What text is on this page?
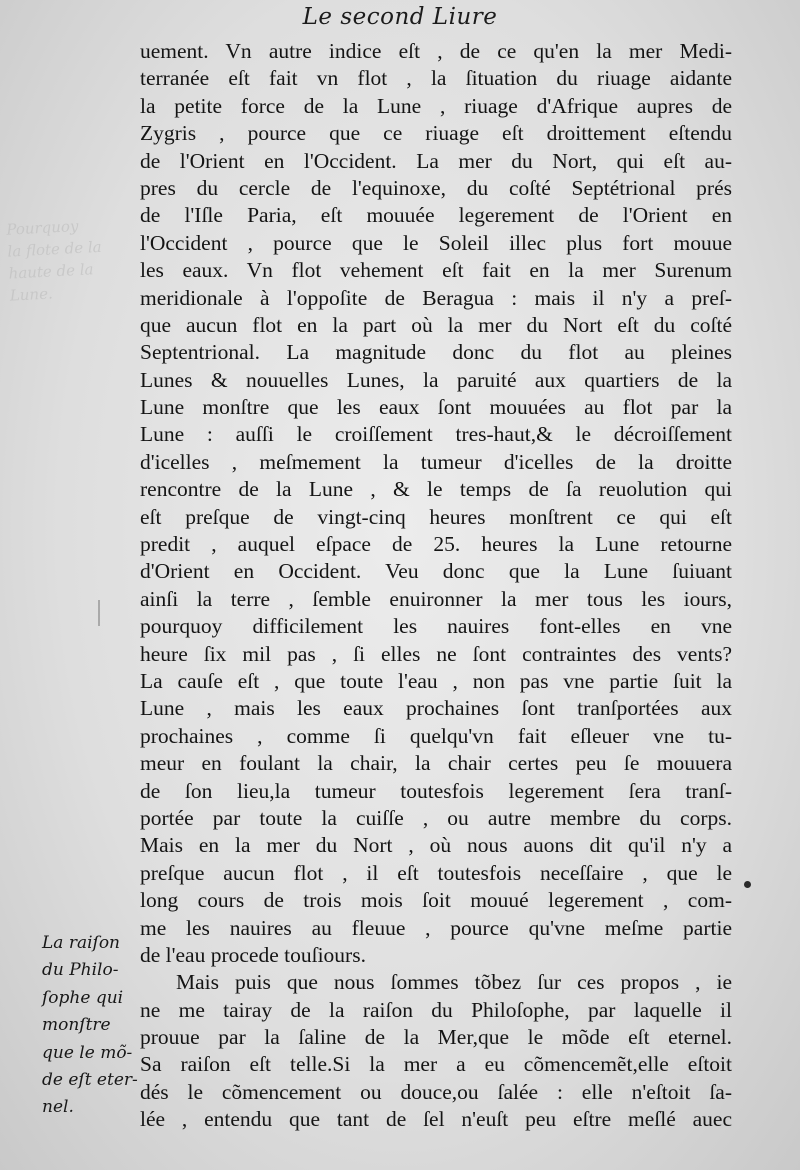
Pourquoy
la flote de la
haute de la
Lune.
Le second Liure
uement. Vn autre indice eſt , de ce qu'en la mer Medi-
terranée eſt fait vn flot , la ſituation du riuage aidante
la petite force de la Lune , riuage d'Afrique aupres de
Zygris , pource que ce riuage eſt droittement eſtendu
de l'Orient en l'Occident. La mer du Nort, qui eſt au-
pres du cercle de l'equinoxe, du coſté Septétrional prés
de l'Iſle Paria, eſt mouuée legerement de l'Orient en
l'Occident , pource que le Soleil illec plus fort mouue
les eaux. Vn flot vehement eſt fait en la mer Surenum
meridionale à l'oppoſite de Beragua : mais il n'y a preſ-
que aucun flot en la part où la mer du Nort eſt du coſté
Septentrional. La magnitude donc du flot au pleines
Lunes & nouuelles Lunes, la paruité aux quartiers de la
Lune monſtre que les eaux ſont mouuées au flot par la
Lune : auſſi le croiſſement tres-haut,& le décroiſſement
d'icelles , meſmement la tumeur d'icelles de la droitte
rencontre de la Lune , & le temps de ſa reuolution qui
eſt preſque de vingt-cinq heures monſtrent ce qui eſt
predit , auquel eſpace de 25. heures la Lune retourne
d'Orient en Occident. Veu donc que la Lune ſuiuant
ainſi la terre , ſemble enuironner la mer tous les iours,
pourquoy difficilement les nauires font-elles en vne
heure ſix mil pas , ſi elles ne ſont contraintes des vents?
La cauſe eſt , que toute l'eau , non pas vne partie ſuit la
Lune , mais les eaux prochaines ſont tranſportées aux
prochaines , comme ſi quelqu'vn fait eſleuer vne tu-
meur en foulant la chair, la chair certes peu ſe mouuera
de ſon lieu,la tumeur toutesfois legerement ſera tranſ-
portée par toute la cuiſſe , ou autre membre du corps.
Mais en la mer du Nort , où nous auons dit qu'il n'y a
preſque aucun flot , il eſt toutesfois neceſſaire , que le
long cours de trois mois ſoit mouué legerement , com-
me les nauires au fleuue , pource qu'vne meſme partie
de l'eau procede touſiours.
Mais puis que nous ſommes tõbez ſur ces propos , ie
ne me tairay de la raiſon du Philoſophe, par laquelle il
prouue par la ſaline de la Mer,que le mõde eſt eternel.
Sa raiſon eſt telle.Si la mer a eu cõmencemẽt,elle eſtoit
dés le cõmencement ou douce,ou ſalée : elle n'eſtoit ſa-
lée , entendu que tant de ſel n'euſt peu eſtre meſlé auec
La raiſon
du Philo-
ſophe qui
monſtre
que le mõ-
de eſt eter-
nel.
